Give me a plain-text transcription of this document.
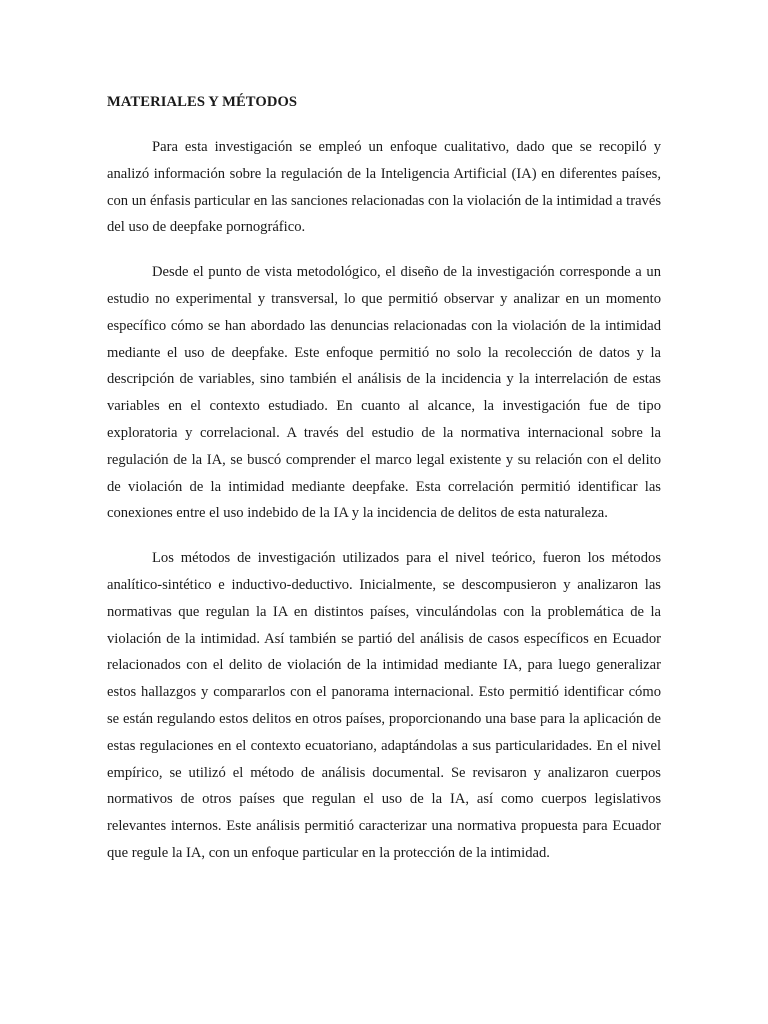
MATERIALES Y MÉTODOS

Para esta investigación se empleó un enfoque cualitativo, dado que se recopiló y analizó información sobre la regulación de la Inteligencia Artificial (IA) en diferentes países, con un énfasis particular en las sanciones relacionadas con la violación de la intimidad a través del uso de deepfake pornográfico.

Desde el punto de vista metodológico, el diseño de la investigación corresponde a un estudio no experimental y transversal, lo que permitió observar y analizar en un momento específico cómo se han abordado las denuncias relacionadas con la violación de la intimidad mediante el uso de deepfake. Este enfoque permitió no solo la recolección de datos y la descripción de variables, sino también el análisis de la incidencia y la interrelación de estas variables en el contexto estudiado. En cuanto al alcance, la investigación fue de tipo exploratoria y correlacional. A través del estudio de la normativa internacional sobre la regulación de la IA, se buscó comprender el marco legal existente y su relación con el delito de violación de la intimidad mediante deepfake. Esta correlación permitió identificar las conexiones entre el uso indebido de la IA y la incidencia de delitos de esta naturaleza.

Los métodos de investigación utilizados para el nivel teórico, fueron los métodos analítico-sintético e inductivo-deductivo. Inicialmente, se descompusieron y analizaron las normativas que regulan la IA en distintos países, vinculándolas con la problemática de la violación de la intimidad. Así también se partió del análisis de casos específicos en Ecuador relacionados con el delito de violación de la intimidad mediante IA, para luego generalizar estos hallazgos y compararlos con el panorama internacional. Esto permitió identificar cómo se están regulando estos delitos en otros países, proporcionando una base para la aplicación de estas regulaciones en el contexto ecuatoriano, adaptándolas a sus particularidades. En el nivel empírico, se utilizó el método de análisis documental. Se revisaron y analizaron cuerpos normativos de otros países que regulan el uso de la IA, así como cuerpos legislativos relevantes internos. Este análisis permitió caracterizar una normativa propuesta para Ecuador que regule la IA, con un enfoque particular en la protección de la intimidad.
